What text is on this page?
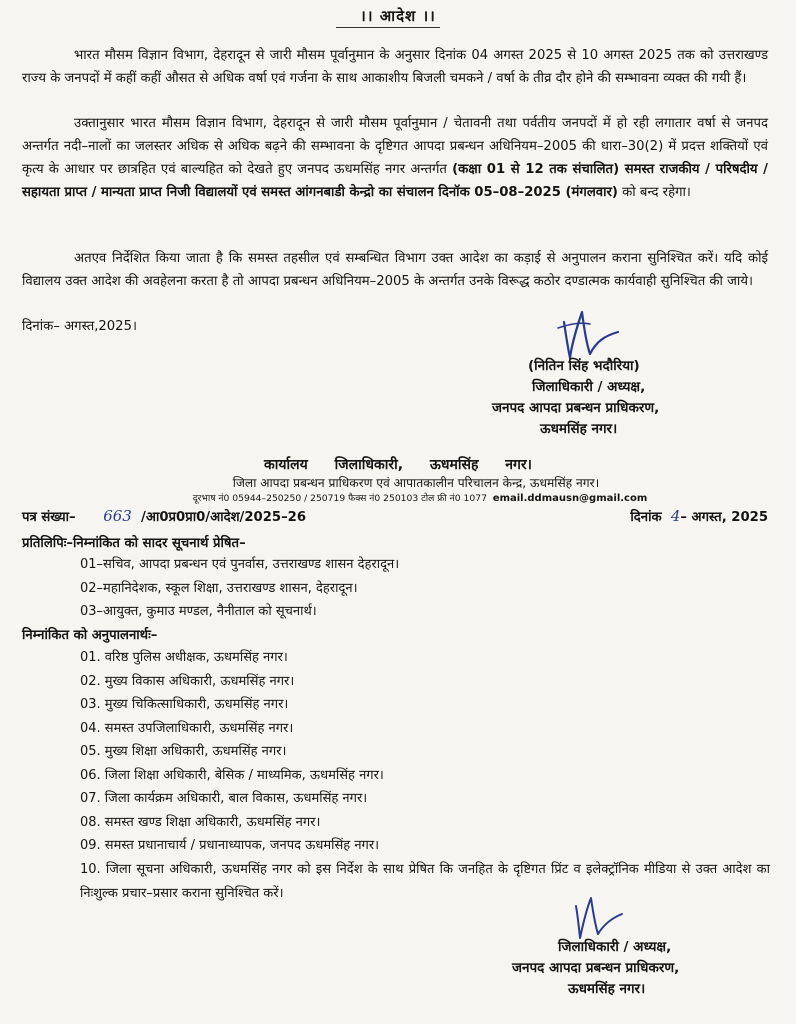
।। आदेश ।।
भारत मौसम विज्ञान विभाग, देहरादून से जारी मौसम पूर्वानुमान के अनुसार दिनांक 04 अगस्त 2025 से 10 अगस्त 2025 तक को उत्तराखण्ड राज्य के जनपदों में कहीं कहीं औसत से अधिक वर्षा एवं गर्जना के साथ आकाशीय बिजली चमकने / वर्षा के तीव्र दौर होने की सम्भावना व्यक्त की गयी हैं।
उक्तानुसार भारत मौसम विज्ञान विभाग, देहरादून से जारी मौसम पूर्वानुमान / चेतावनी तथा पर्वतीय जनपदों में हो रही लगातार वर्षा से जनपद अन्तर्गत नदी–नालों का जलस्तर अधिक से अधिक बढ़ने की सम्भावना के दृष्टिगत आपदा प्रबन्धन अधिनियम–2005 की धारा–30(2) में प्रदत्त शक्तियों एवं कृत्य के आधार पर छात्रहित एवं बाल्यहित को देखते हुए जनपद ऊधमसिंह नगर अन्तर्गत (कक्षा 01 से 12 तक संचालित) समस्त राजकीय / परिषदीय / सहायता प्राप्त / मान्यता प्राप्त निजी विद्यालयों एवं समस्त आंगनबाडी केन्द्रो का संचालन दिनॉक 05–08–2025 (मंगलवार) को बन्द रहेगा।
अतएव निर्देशित किया जाता है कि समस्त तहसील एवं सम्बन्धित विभाग उक्त आदेश का कड़ाई से अनुपालन कराना सुनिश्चित करें। यदि कोई विद्यालय उक्त आदेश की अवहेलना करता है तो आपदा प्रबन्धन अधिनियम–2005 के अन्तर्गत उनके विरूद्ध कठोर दण्डात्मक कार्यवाही सुनिश्चित की जाये।
दिनांक– अगस्त,2025।
(नितिन सिंह भदौरिया)
जिलाधिकारी / अध्यक्ष,
जनपद आपदा प्रबन्धन प्राधिकरण,
ऊधमसिंह नगर।
कार्यालय जिलाधिकारी, ऊधमसिंह नगर।
जिला आपदा प्रबन्धन प्राधिकरण एवं आपातकालीन परिचालन केन्द्र, ऊधमसिंह नगर।
दूरभाष नं0 05944–250250 / 250719 फैक्स नं0 250103 टोल फ्री नं0 1077 email.ddmausn@gmail.com
पत्र संख्या– 663 /आ0प्र0प्रा0/आदेश/2025–26	दिनांक 4– अगस्त, 2025
प्रतिलिपिः–निम्नांकित को सादर सूचनार्थ प्रेषित–
01–सचिव, आपदा प्रबन्धन एवं पुनर्वास, उत्तराखण्ड शासन देहरादून।
02–महानिदेशक, स्कूल शिक्षा, उत्तराखण्ड शासन, देहरादून।
03–आयुक्त, कुमाउ मण्डल, नैनीताल को सूचनार्थ।
निम्नांकित को अनुपालनार्थः–
01. वरिष्ठ पुलिस अधीक्षक, ऊधमसिंह नगर।
02. मुख्य विकास अधिकारी, ऊधमसिंह नगर।
03. मुख्य चिकित्साधिकारी, ऊधमसिंह नगर।
04. समस्त उपजिलाधिकारी, ऊधमसिंह नगर।
05. मुख्य शिक्षा अधिकारी, ऊधमसिंह नगर।
06. जिला शिक्षा अधिकारी, बेसिक / माध्यमिक, ऊधमसिंह नगर।
07. जिला कार्यक्रम अधिकारी, बाल विकास, ऊधमसिंह नगर।
08. समस्त खण्ड शिक्षा अधिकारी, ऊधमसिंह नगर।
09. समस्त प्रधानाचार्य / प्रधानाध्यापक, जनपद ऊधमसिंह नगर।
10. जिला सूचना अधिकारी, ऊधमसिंह नगर को इस निर्देश के साथ प्रेषित कि जनहित के दृष्टिगत प्रिंट व इलेक्ट्रॉनिक मीडिया से उक्त आदेश का निःशुल्क प्रचार–प्रसार कराना सुनिश्चित करें।
जिलाधिकारी / अध्यक्ष,
जनपद आपदा प्रबन्धन प्राधिकरण,
ऊधमसिंह नगर।
